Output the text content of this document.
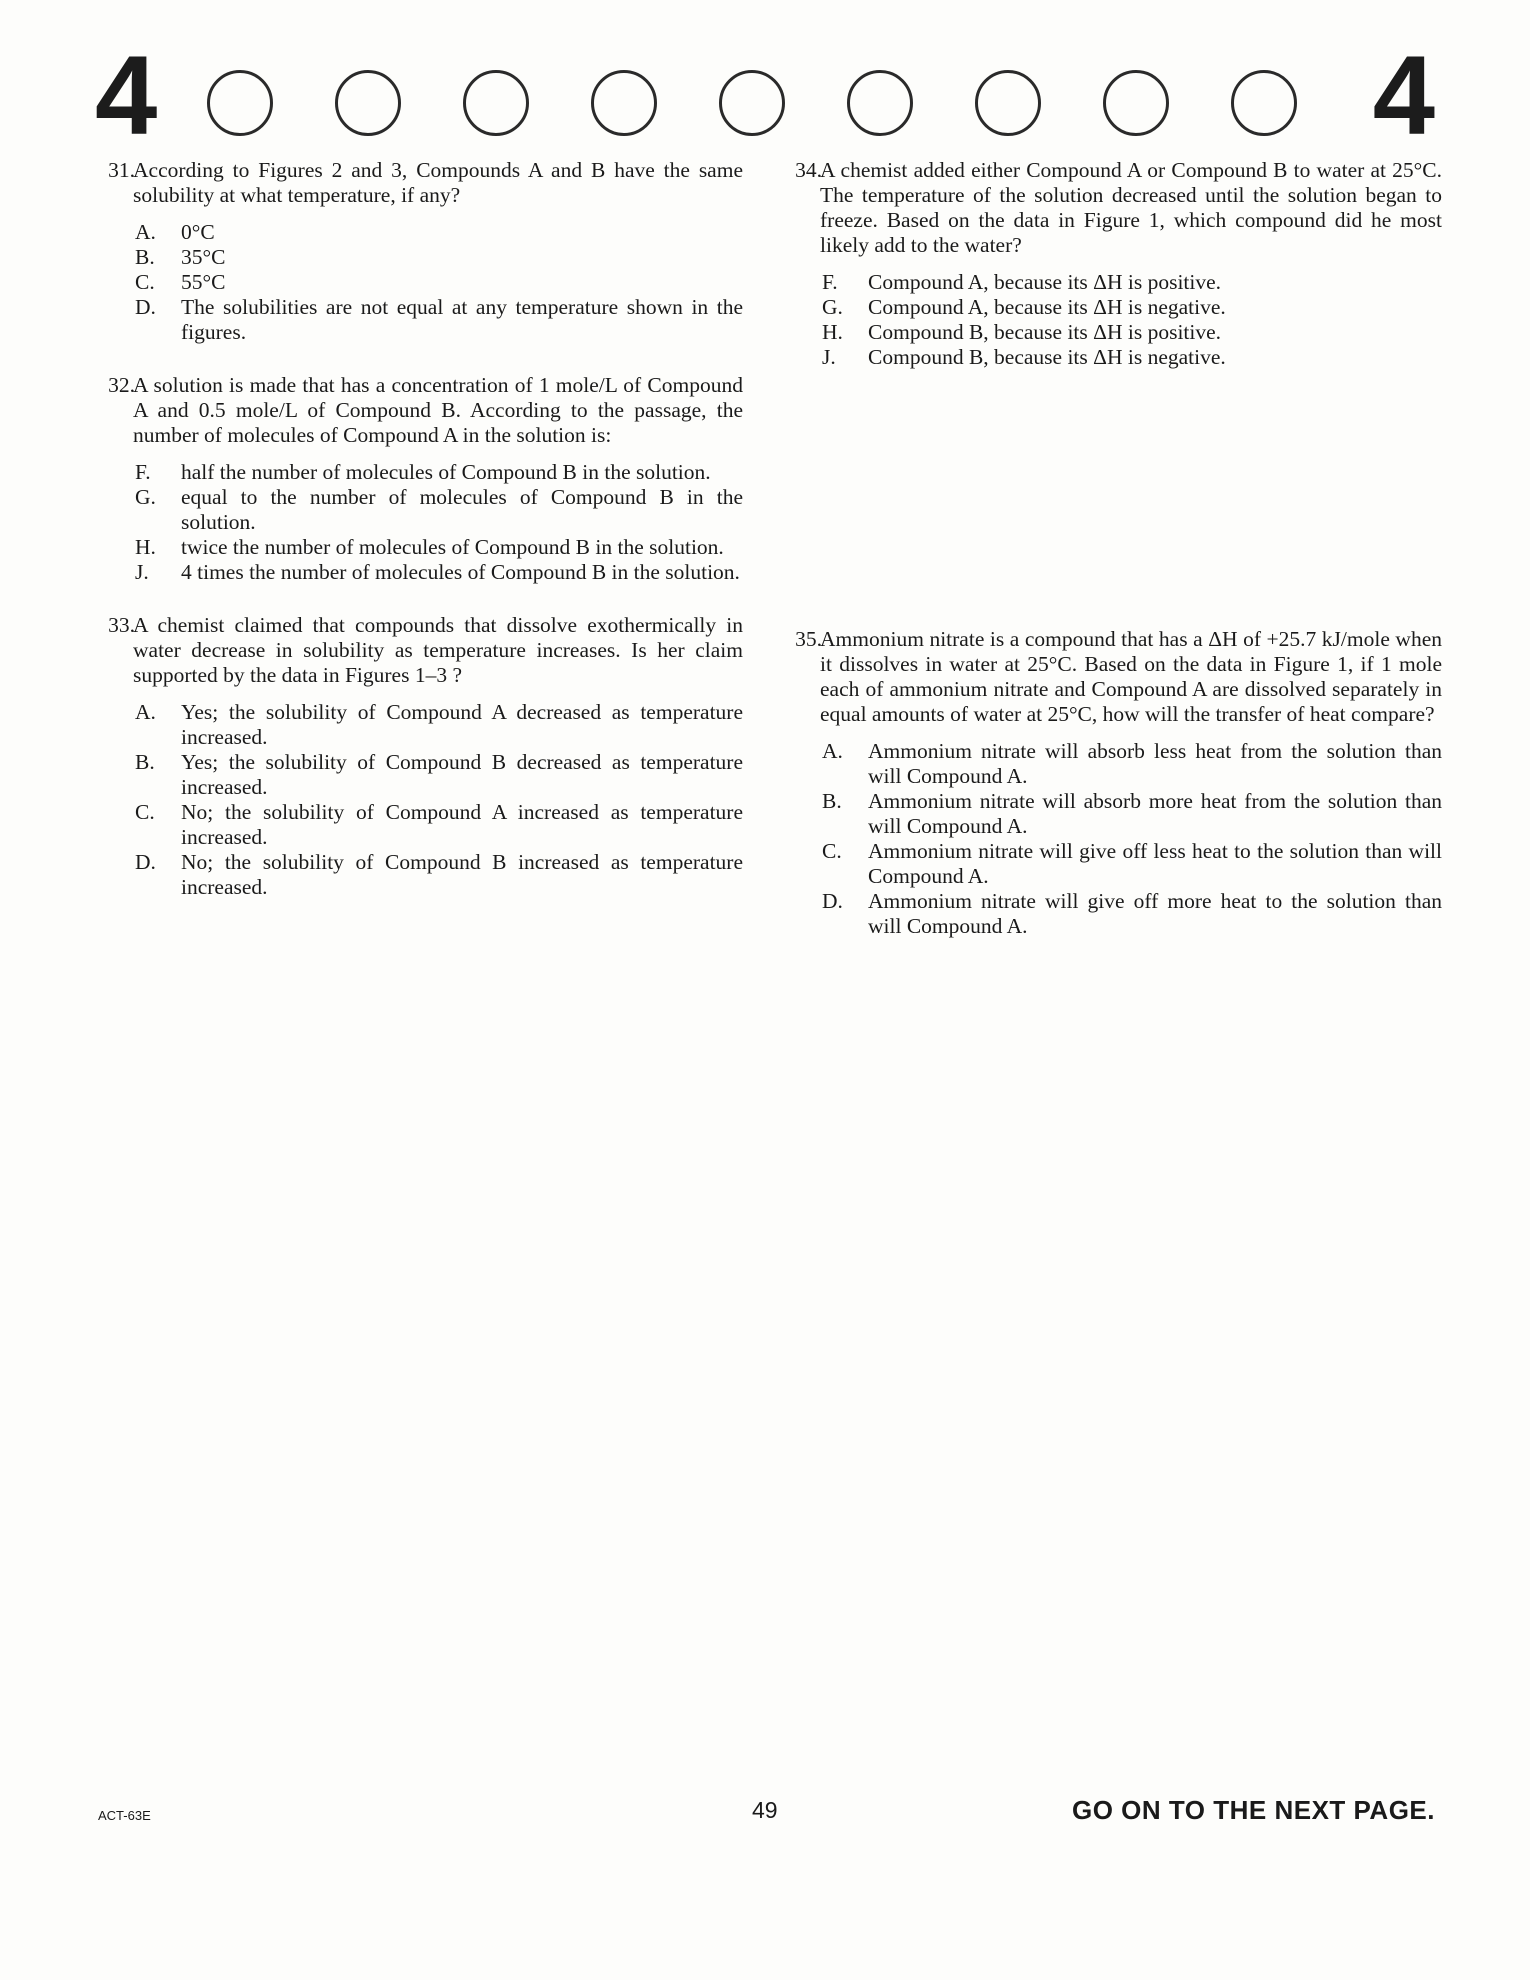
4	4
31.
According to Figures 2 and 3, Compounds A and B have the same solubility at what temperature, if any?
A.	0°C
B.	35°C
C.	55°C
D.	The solubilities are not equal at any temperature shown in the figures.
32.
A solution is made that has a concentration of 1 mole/L of Compound A and 0.5 mole/L of Compound B. According to the passage, the number of molecules of Compound A in the solution is:
F.	half the number of molecules of Compound B in the solution.
G.	equal to the number of molecules of Compound B in the solution.
H.	twice the number of molecules of Compound B in the solution.
J.	4 times the number of molecules of Compound B in the solution.
33.
A chemist claimed that compounds that dissolve exothermically in water decrease in solubility as temperature increases. Is her claim supported by the data in Figures 1–3 ?
A.	Yes; the solubility of Compound A decreased as temperature increased.
B.	Yes; the solubility of Compound B decreased as temperature increased.
C.	No; the solubility of Compound A increased as temperature increased.
D.	No; the solubility of Compound B increased as temperature increased.
34.
A chemist added either Compound A or Compound B to water at 25°C. The temperature of the solution decreased until the solution began to freeze. Based on the data in Figure 1, which compound did he most likely add to the water?
F.	Compound A, because its ΔH is positive.
G.	Compound A, because its ΔH is negative.
H.	Compound B, because its ΔH is positive.
J.	Compound B, because its ΔH is negative.
35.
Ammonium nitrate is a compound that has a ΔH of +25.7 kJ/mole when it dissolves in water at 25°C. Based on the data in Figure 1, if 1 mole each of ammonium nitrate and Compound A are dissolved separately in equal amounts of water at 25°C, how will the transfer of heat compare?
A.	Ammonium nitrate will absorb less heat from the solution than will Compound A.
B.	Ammonium nitrate will absorb more heat from the solution than will Compound A.
C.	Ammonium nitrate will give off less heat to the solution than will Compound A.
D.	Ammonium nitrate will give off more heat to the solution than will Compound A.
ACT-63E	49	GO ON TO THE NEXT PAGE.
